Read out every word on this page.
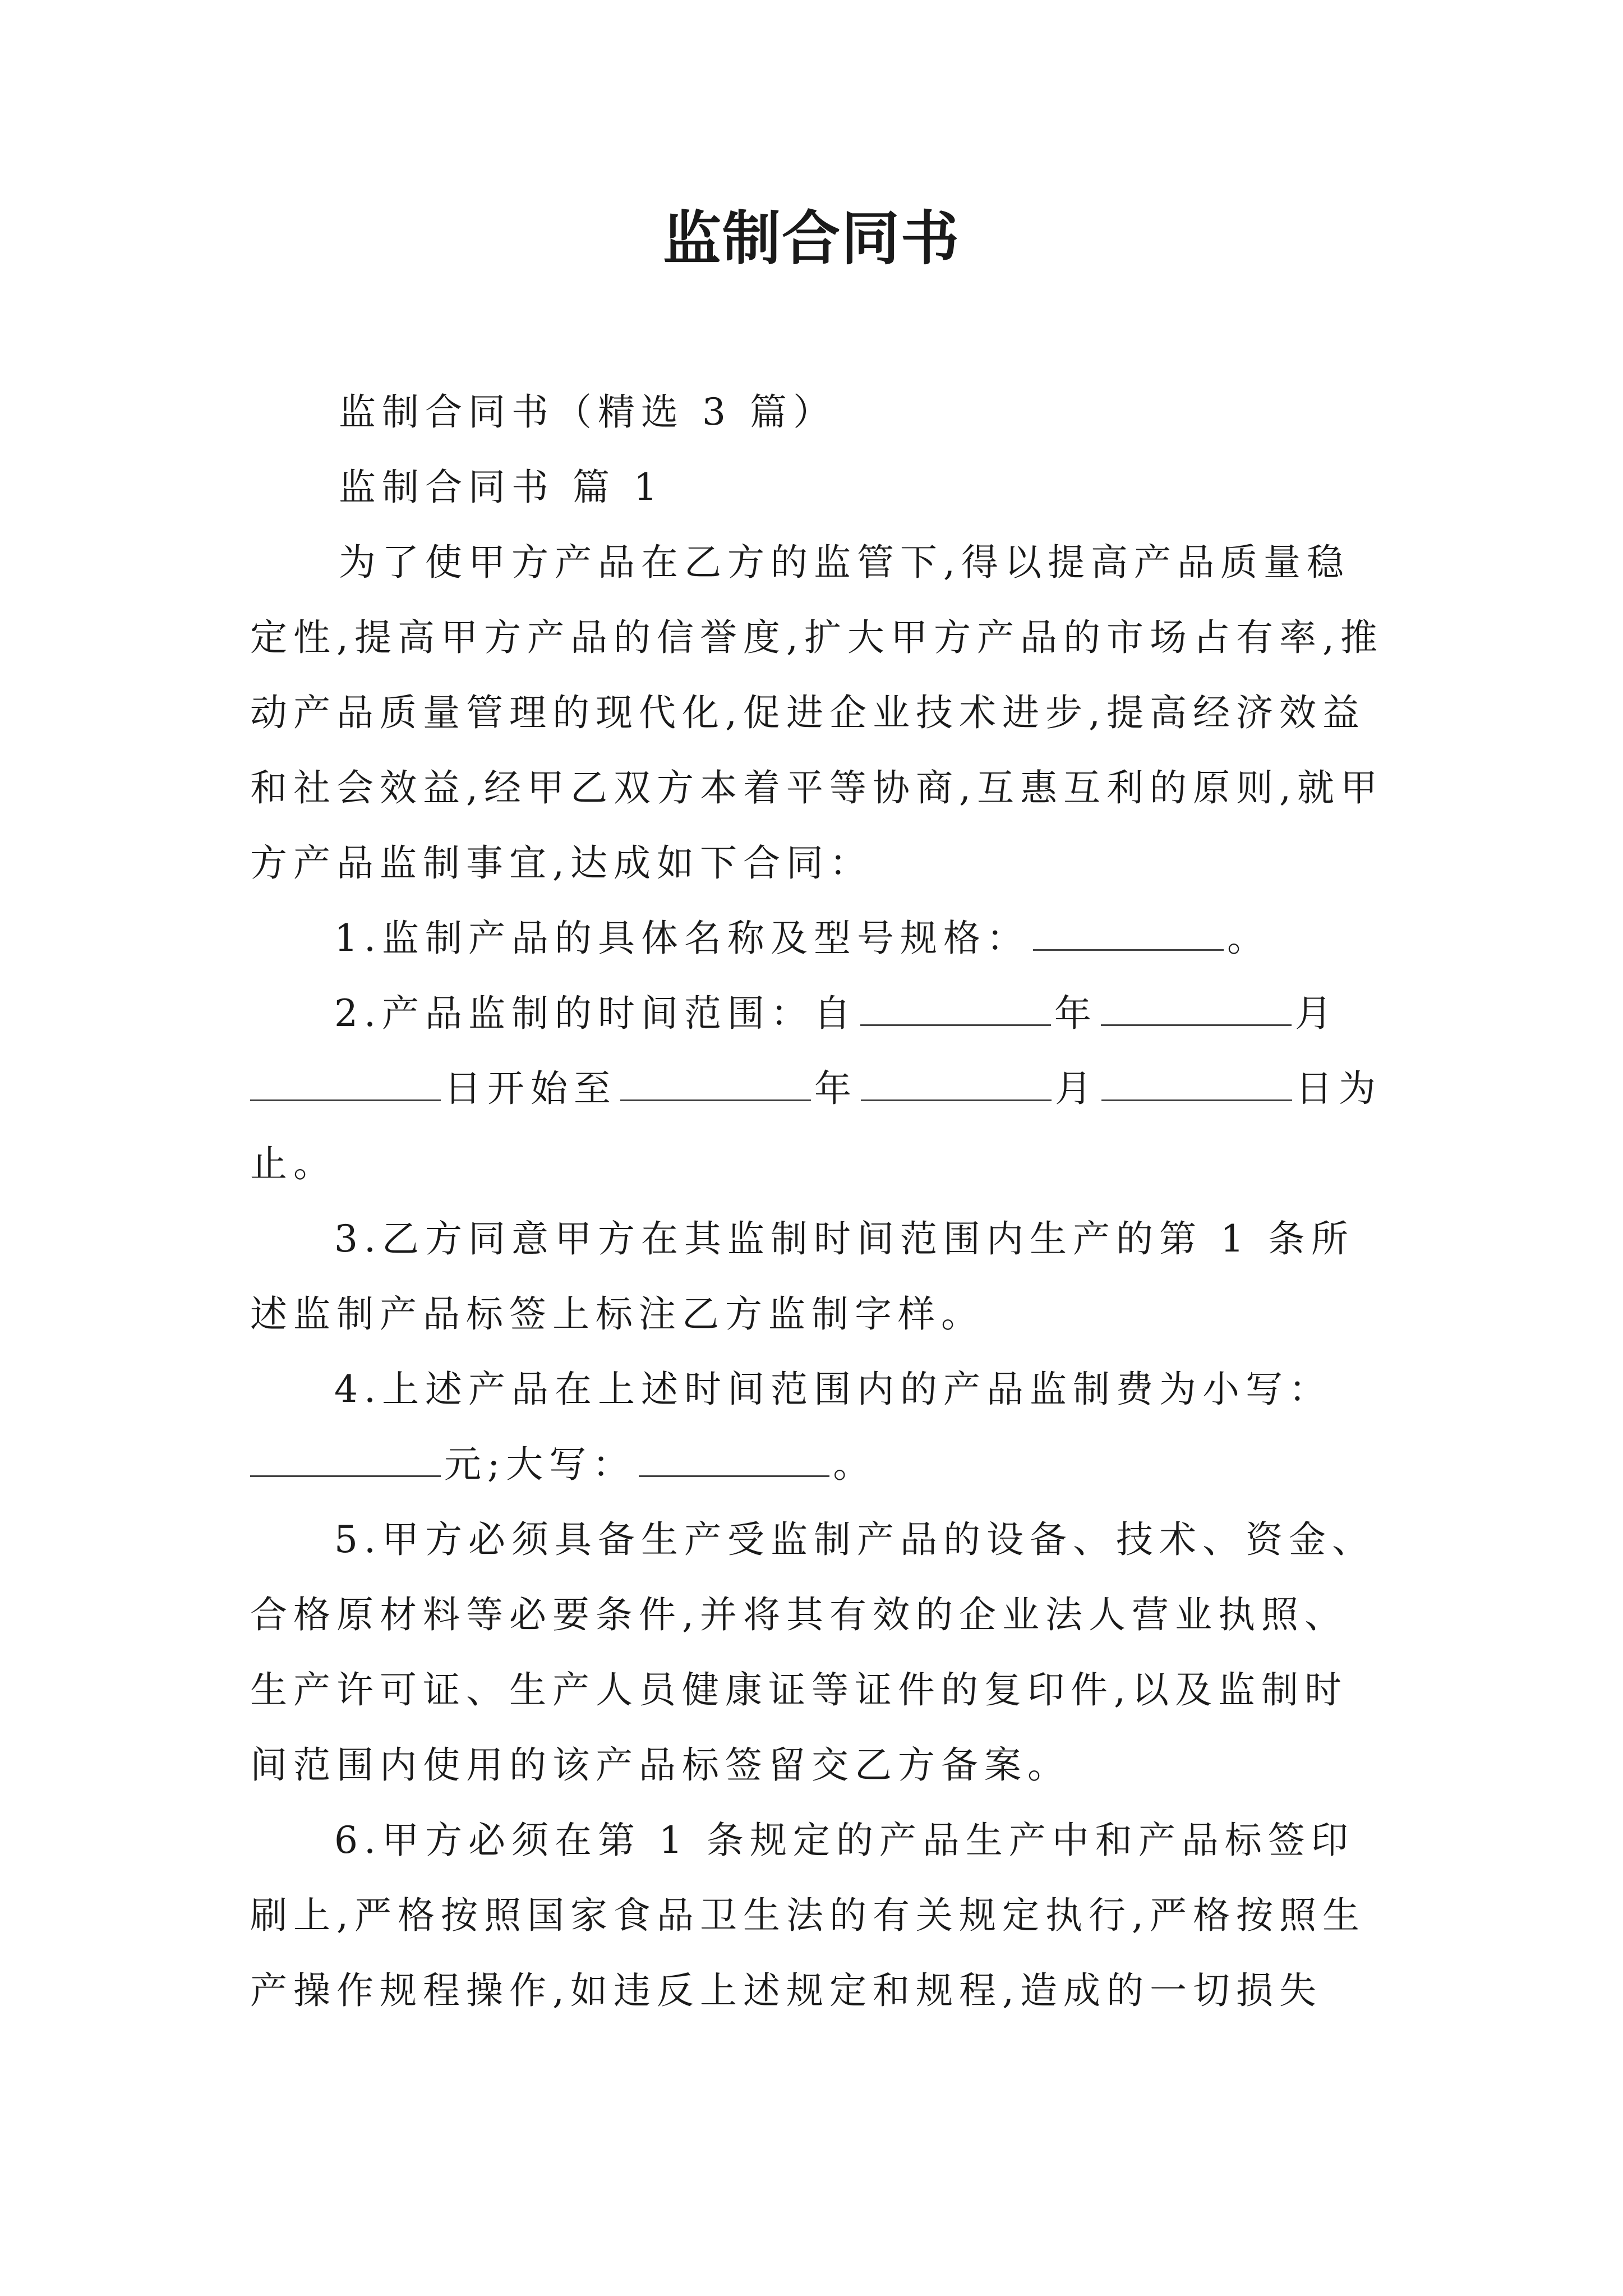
监制合同书

监制合同书（精选 3 篇）

监制合同书 篇 1

为了使甲方产品在乙方的监管下,得以提高产品质量稳定性,提高甲方产品的信誉度,扩大甲方产品的市场占有率,推动产品质量管理的现代化,促进企业技术进步,提高经济效益和社会效益,经甲乙双方本着平等协商,互惠互利的原则,就甲方产品监制事宜,达成如下合同：

1.监制产品的具体名称及型号规格：	。

2.产品监制的时间范围：自	年	月日开始至	年	月	日为止。

3.乙方同意甲方在其监制时间范围内生产的第 1 条所述监制产品标签上标注乙方监制字样。

4.上述产品在上述时间范围内的产品监制费为小写：元;大写：	。

5.甲方必须具备生产受监制产品的设备、技术、资金、合格原材料等必要条件,并将其有效的企业法人营业执照、生产许可证、生产人员健康证等证件的复印件,以及监制时间范围内使用的该产品标签留交乙方备案。

6.甲方必须在第 1 条规定的产品生产中和产品标签印刷上,严格按照国家食品卫生法的有关规定执行,严格按照生产操作规程操作,如违反上述规定和规程,造成的一切损失
